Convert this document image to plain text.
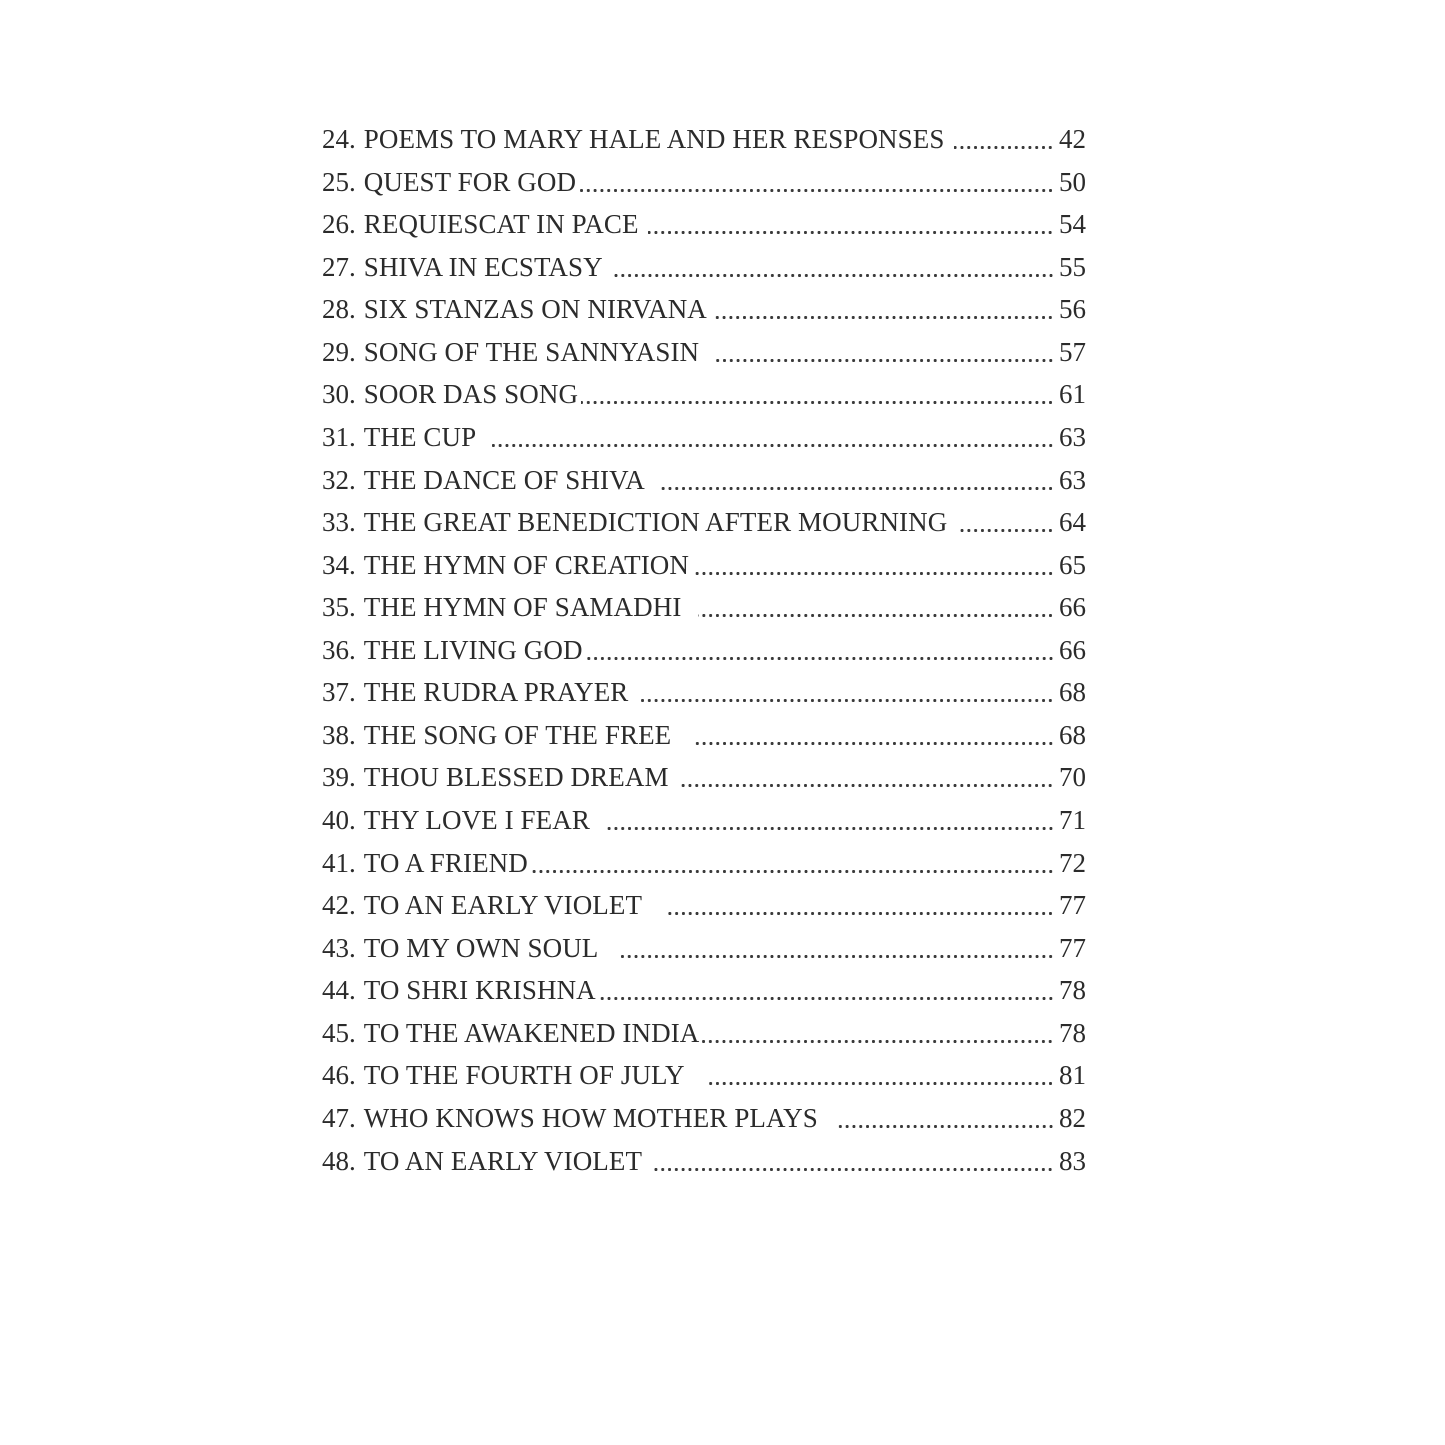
24. POEMS TO MARY HALE AND HER RESPONSES	42
25. QUEST FOR GOD	50
26. REQUIESCAT IN PACE	54
27. SHIVA IN ECSTASY	55
28. SIX STANZAS ON NIRVANA	56
29. SONG OF THE SANNYASIN	57
30. SOOR DAS SONG	61
31. THE CUP	63
32. THE DANCE OF SHIVA	63
33. THE GREAT BENEDICTION AFTER MOURNING	64
34. THE HYMN OF CREATION	65
35. THE HYMN OF SAMADHI	66
36. THE LIVING GOD	66
37. THE RUDRA PRAYER	68
38. THE SONG OF THE FREE	68
39. THOU BLESSED DREAM	70
40. THY LOVE I FEAR	71
41. TO A FRIEND	72
42. TO AN EARLY VIOLET	77
43. TO MY OWN SOUL	77
44. TO SHRI KRISHNA	78
45. TO THE AWAKENED INDIA	78
46. TO THE FOURTH OF JULY	81
47. WHO KNOWS HOW MOTHER PLAYS	82
48. TO AN EARLY VIOLET	83
